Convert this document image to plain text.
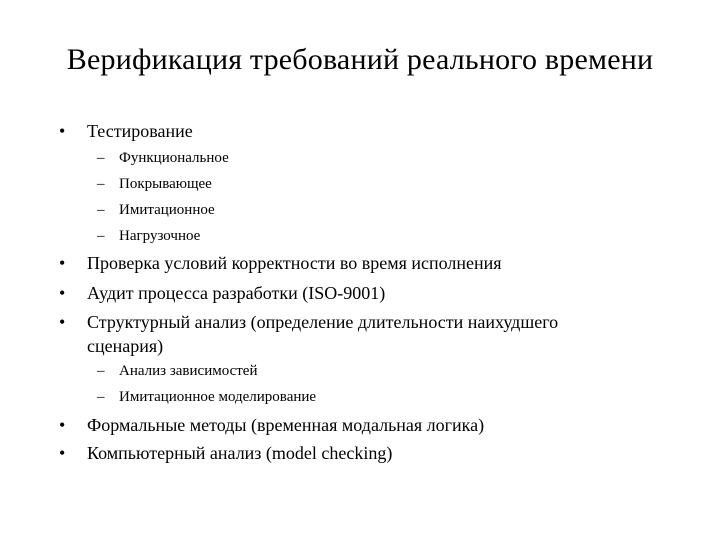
Верификация требований реального времени
• Тестирование
– Функциональное
– Покрывающее
– Имитационное
– Нагрузочное
• Проверка условий корректности во время исполнения
• Аудит процесса разработки (ISO-9001)
• Структурный анализ (определение длительности наихудшего
сценария)
– Анализ зависимостей
– Имитационное моделирование
• Формальные методы (временная модальная логика)
• Компьютерный анализ (model checking)
